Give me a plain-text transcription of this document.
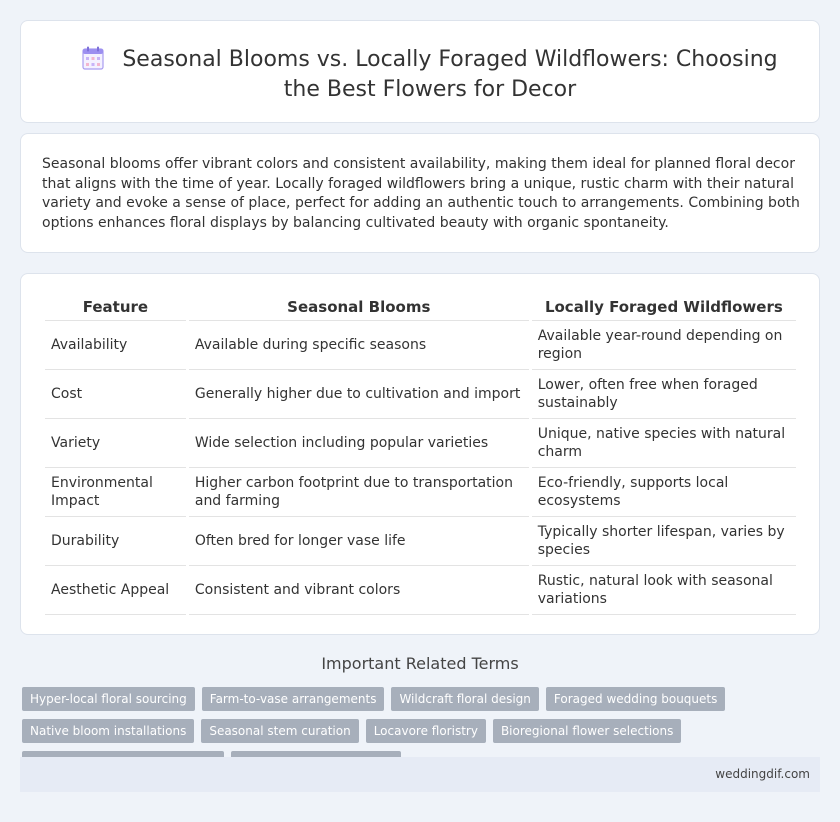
Seasonal Blooms vs. Locally Foraged Wildflowers: Choosing the Best Flowers for Decor

Seasonal blooms offer vibrant colors and consistent availability, making them ideal for planned floral decor that aligns with the time of year. Locally foraged wildflowers bring a unique, rustic charm with their natural variety and evoke a sense of place, perfect for adding an authentic touch to arrangements. Combining both options enhances floral displays by balancing cultivated beauty with organic spontaneity.

Feature	Seasonal Blooms	Locally Foraged Wildflowers
Availability	Available during specific seasons	Available year-round depending on region
Cost	Generally higher due to cultivation and import	Lower, often free when foraged sustainably
Variety	Wide selection including popular varieties	Unique, native species with natural charm
Environmental Impact	Higher carbon footprint due to transportation and farming	Eco-friendly, supports local ecosystems
Durability	Often bred for longer vase life	Typically shorter lifespan, varies by species
Aesthetic Appeal	Consistent and vibrant colors	Rustic, natural look with seasonal variations
Important Related Terms
Hyper-local floral sourcing	Farm-to-vase arrangements	Wildcraft floral design	Foraged wedding bouquets
Native bloom installations	Seasonal stem curation	Locavore floristry	Bioregional flower selections
weddingdif.com
